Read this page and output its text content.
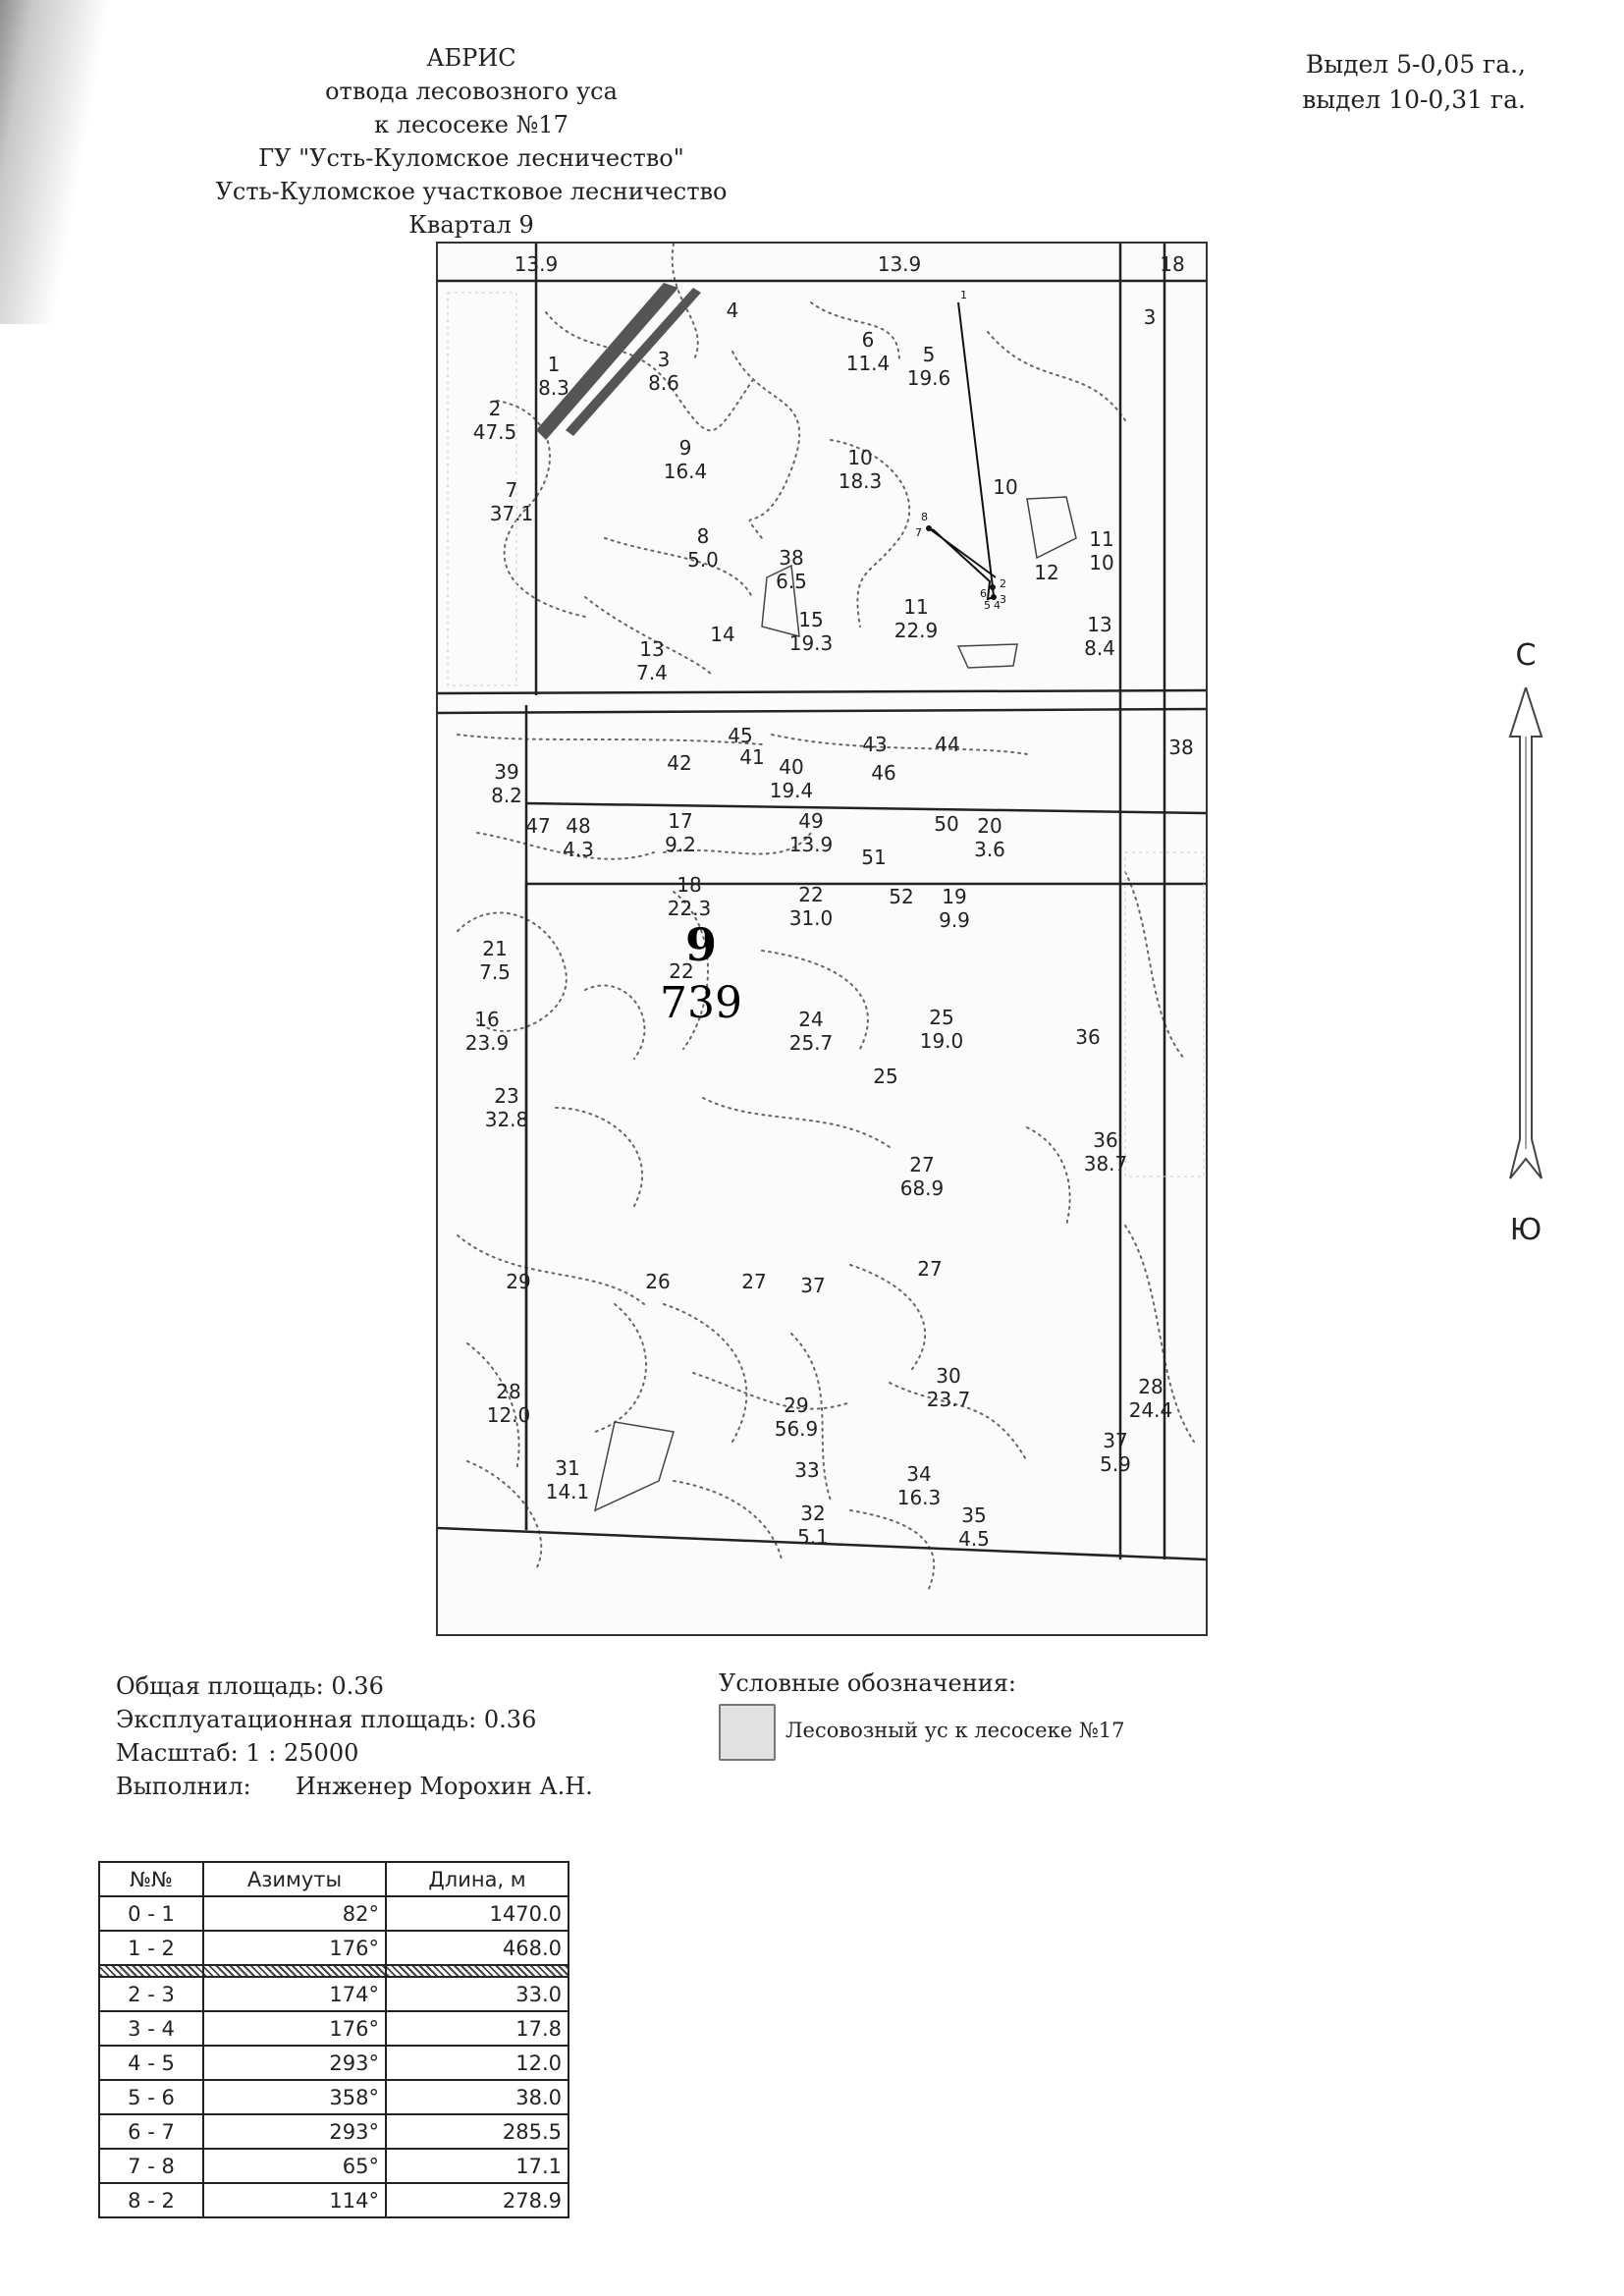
АБРИС
отвода лесовозного уса
к лесосеке №17
ГУ "Усть-Куломское лесничество"
Усть-Куломское участковое лесничество
Квартал 9
Выдел 5-0,05 га.,
выдел 10-0,31 га.
1
8.3
3
8.6
4
6
11.4 5
19.6
3
2
47.5
9
16.4
10
18.3
7
37.1
8
5.0	38
6.5
15
19.3
11
22.9
10
12
11
10
13
7.4
14	13
8.4
45
42 41
43 44	38
39
8.2
40
19.4
46
47 48
4.3
17
9.2
49
13.9
50 20
3.6
51
18
22.3
22
31.0
52 19
9.9
21
7.5	22
16
23.9
24
25.7
25
19.0	36
25
23
32.8
27
68.9
36
38.7
29	26	27 37
27
28
12.0
30
23.7
28
24.4
29
56.9
31
14.1
33	34
16.3
37
5.9
32
5.1
35
4.5
13.9	13.9	18
1
2
3
4
5
6
7
8
9
739
С
Ю
Общая площадь: 0.36
Эксплуатационная площадь: 0.36
Масштаб: 1 : 25000
Выполнил: Инженер Морохин А.Н.
Условные обозначения:
Лесовозный ус к лесосеке №17
№№	Азимуты	Длина, м
0 - 1	82°	1470.0
1 - 2	176°	468.0

2 - 3	174°	33.0
3 - 4	176°	17.8
4 - 5	293°	12.0
5 - 6	358°	38.0
6 - 7	293°	285.5
7 - 8	65°	17.1
8 - 2	114°	278.9
